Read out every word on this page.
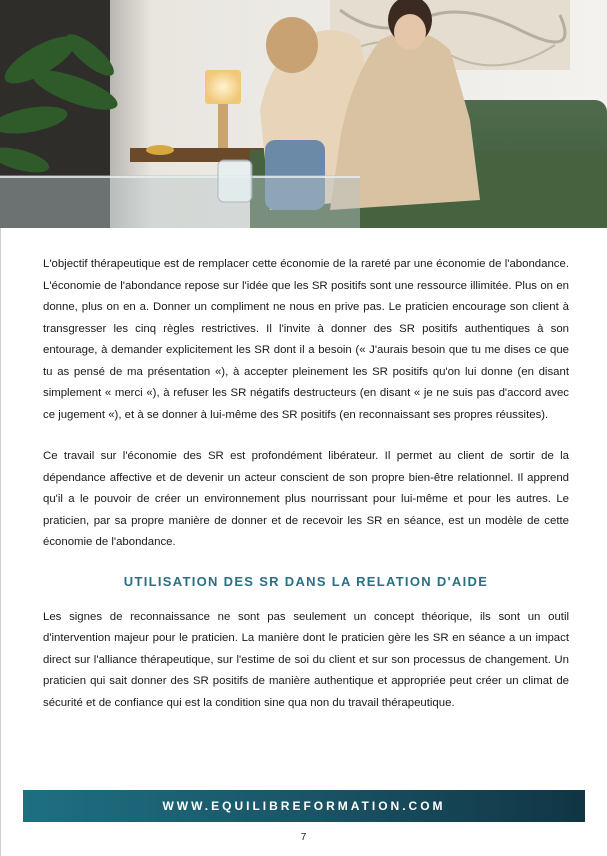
L'objectif thérapeutique est de remplacer cette économie de la rareté par une économie de l'abondance. L'économie de l'abondance repose sur l'idée que les SR positifs sont une ressource illimitée. Plus on en donne, plus on en a. Donner un compliment ne nous en prive pas. Le praticien encourage son client à transgresser les cinq règles restrictives. Il l'invite à donner des SR positifs authentiques à son entourage, à demander explicitement les SR dont il a besoin (« J'aurais besoin que tu me dises ce que tu as pensé de ma présentation «), à accepter pleinement les SR positifs qu'on lui donne (en disant simplement « merci «), à refuser les SR négatifs destructeurs (en disant « je ne suis pas d'accord avec ce jugement «), et à se donner à lui-même des SR positifs (en reconnaissant ses propres réussites).

Ce travail sur l'économie des SR est profondément libérateur. Il permet au client de sortir de la dépendance affective et de devenir un acteur conscient de son propre bien-être relationnel. Il apprend qu'il a le pouvoir de créer un environnement plus nourrissant pour lui-même et pour les autres. Le praticien, par sa propre manière de donner et de recevoir les SR en séance, est un modèle de cette économie de l'abondance.

UTILISATION DES SR DANS LA RELATION D'AIDE

Les signes de reconnaissance ne sont pas seulement un concept théorique, ils sont un outil d'intervention majeur pour le praticien. La manière dont le praticien gère les SR en séance a un impact direct sur l'alliance thérapeutique, sur l'estime de soi du client et sur son processus de changement. Un praticien qui sait donner des SR positifs de manière authentique et appropriée peut créer un climat de sécurité et de confiance qui est la condition sine qua non du travail thérapeutique.

WWW.EQUILIBREFORMATION.COM
7
